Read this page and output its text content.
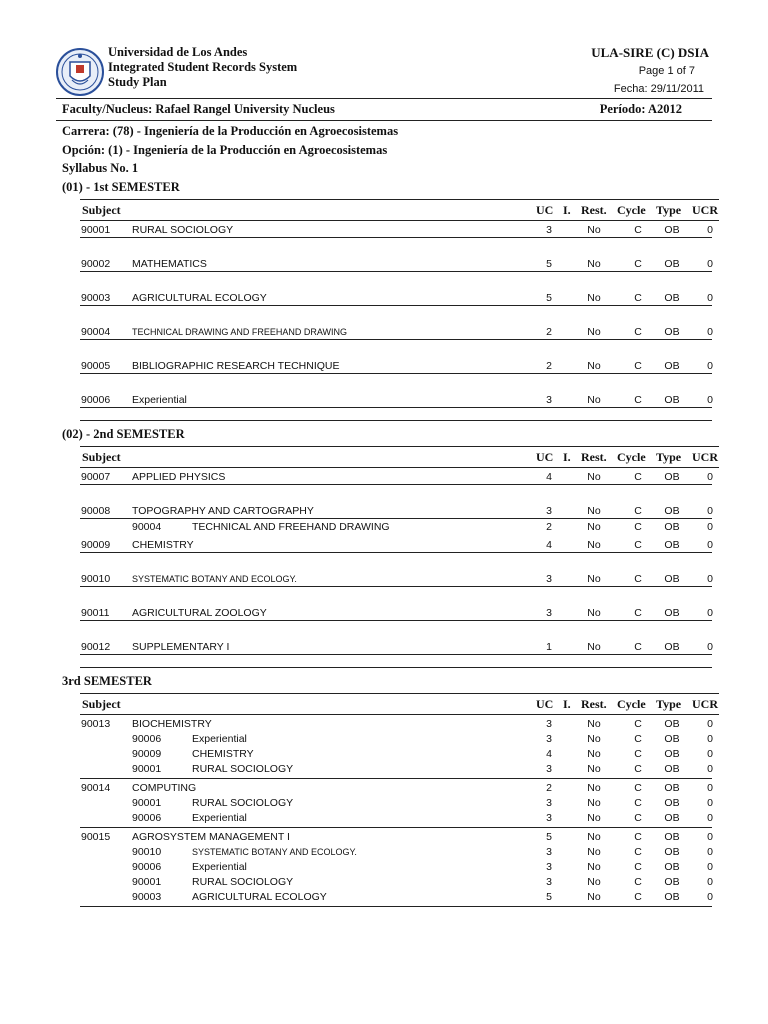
Universidad de Los Andes
Integrated Student Records System
Study Plan
ULA-SIRE (C) DSIA
Page 1 of 7
Fecha: 29/11/2011
Faculty/Nucleus: Rafael Rangel University Nucleus	Período: A2012
Carrera: (78) - Ingeniería de la Producción en Agroecosistemas
Opción: (1) - Ingeniería de la Producción en Agroecosistemas
Syllabus No. 1
(01) - 1st SEMESTER
Subject	UC I. Rest. Cycle Type UCR
90001 RURAL SOCIOLOGY	3	No	C	OB	0
90002 MATHEMATICS	5	No	C	OB	0
90003 AGRICULTURAL ECOLOGY	5	No	C	OB	0
90004 TECHNICAL DRAWING AND FREEHAND DRAWING	2	No	C	OB	0
90005 BIBLIOGRAPHIC RESEARCH TECHNIQUE	2	No	C	OB	0
90006 Experiential	3	No	C	OB	0
(02) - 2nd SEMESTER
Subject	UC I. Rest. Cycle Type UCR
90007 APPLIED PHYSICS	4	No	C	OB	0
90008 TOPOGRAPHY AND CARTOGRAPHY	3	No	C	OB	0
90004	TECHNICAL AND FREEHAND DRAWING	2	No	C	OB	0
90009 CHEMISTRY	4	No	C	OB	0
90010 SYSTEMATIC BOTANY AND ECOLOGY.	3	No	C	OB	0
90011 AGRICULTURAL ZOOLOGY	3	No	C	OB	0
90012 SUPPLEMENTARY I	1	No	C	OB	0
3rd SEMESTER
Subject	UC I. Rest. Cycle Type UCR
90013 BIOCHEMISTRY	3	No	C	OB	0
90006	Experiential	3	No	C	OB	0
90009	CHEMISTRY	4	No	C	OB	0
90001	RURAL SOCIOLOGY	3	No	C	OB	0
90014 COMPUTING	2	No	C	OB	0
90001	RURAL SOCIOLOGY	3	No	C	OB	0
90006	Experiential	3	No	C	OB	0
90015 AGROSYSTEM MANAGEMENT I	5	No	C	OB	0
90010	SYSTEMATIC BOTANY AND ECOLOGY.	3	No	C	OB	0
90006	Experiential	3	No	C	OB	0
90001	RURAL SOCIOLOGY	3	No	C	OB	0
90003	AGRICULTURAL ECOLOGY	5	No	C	OB	0
